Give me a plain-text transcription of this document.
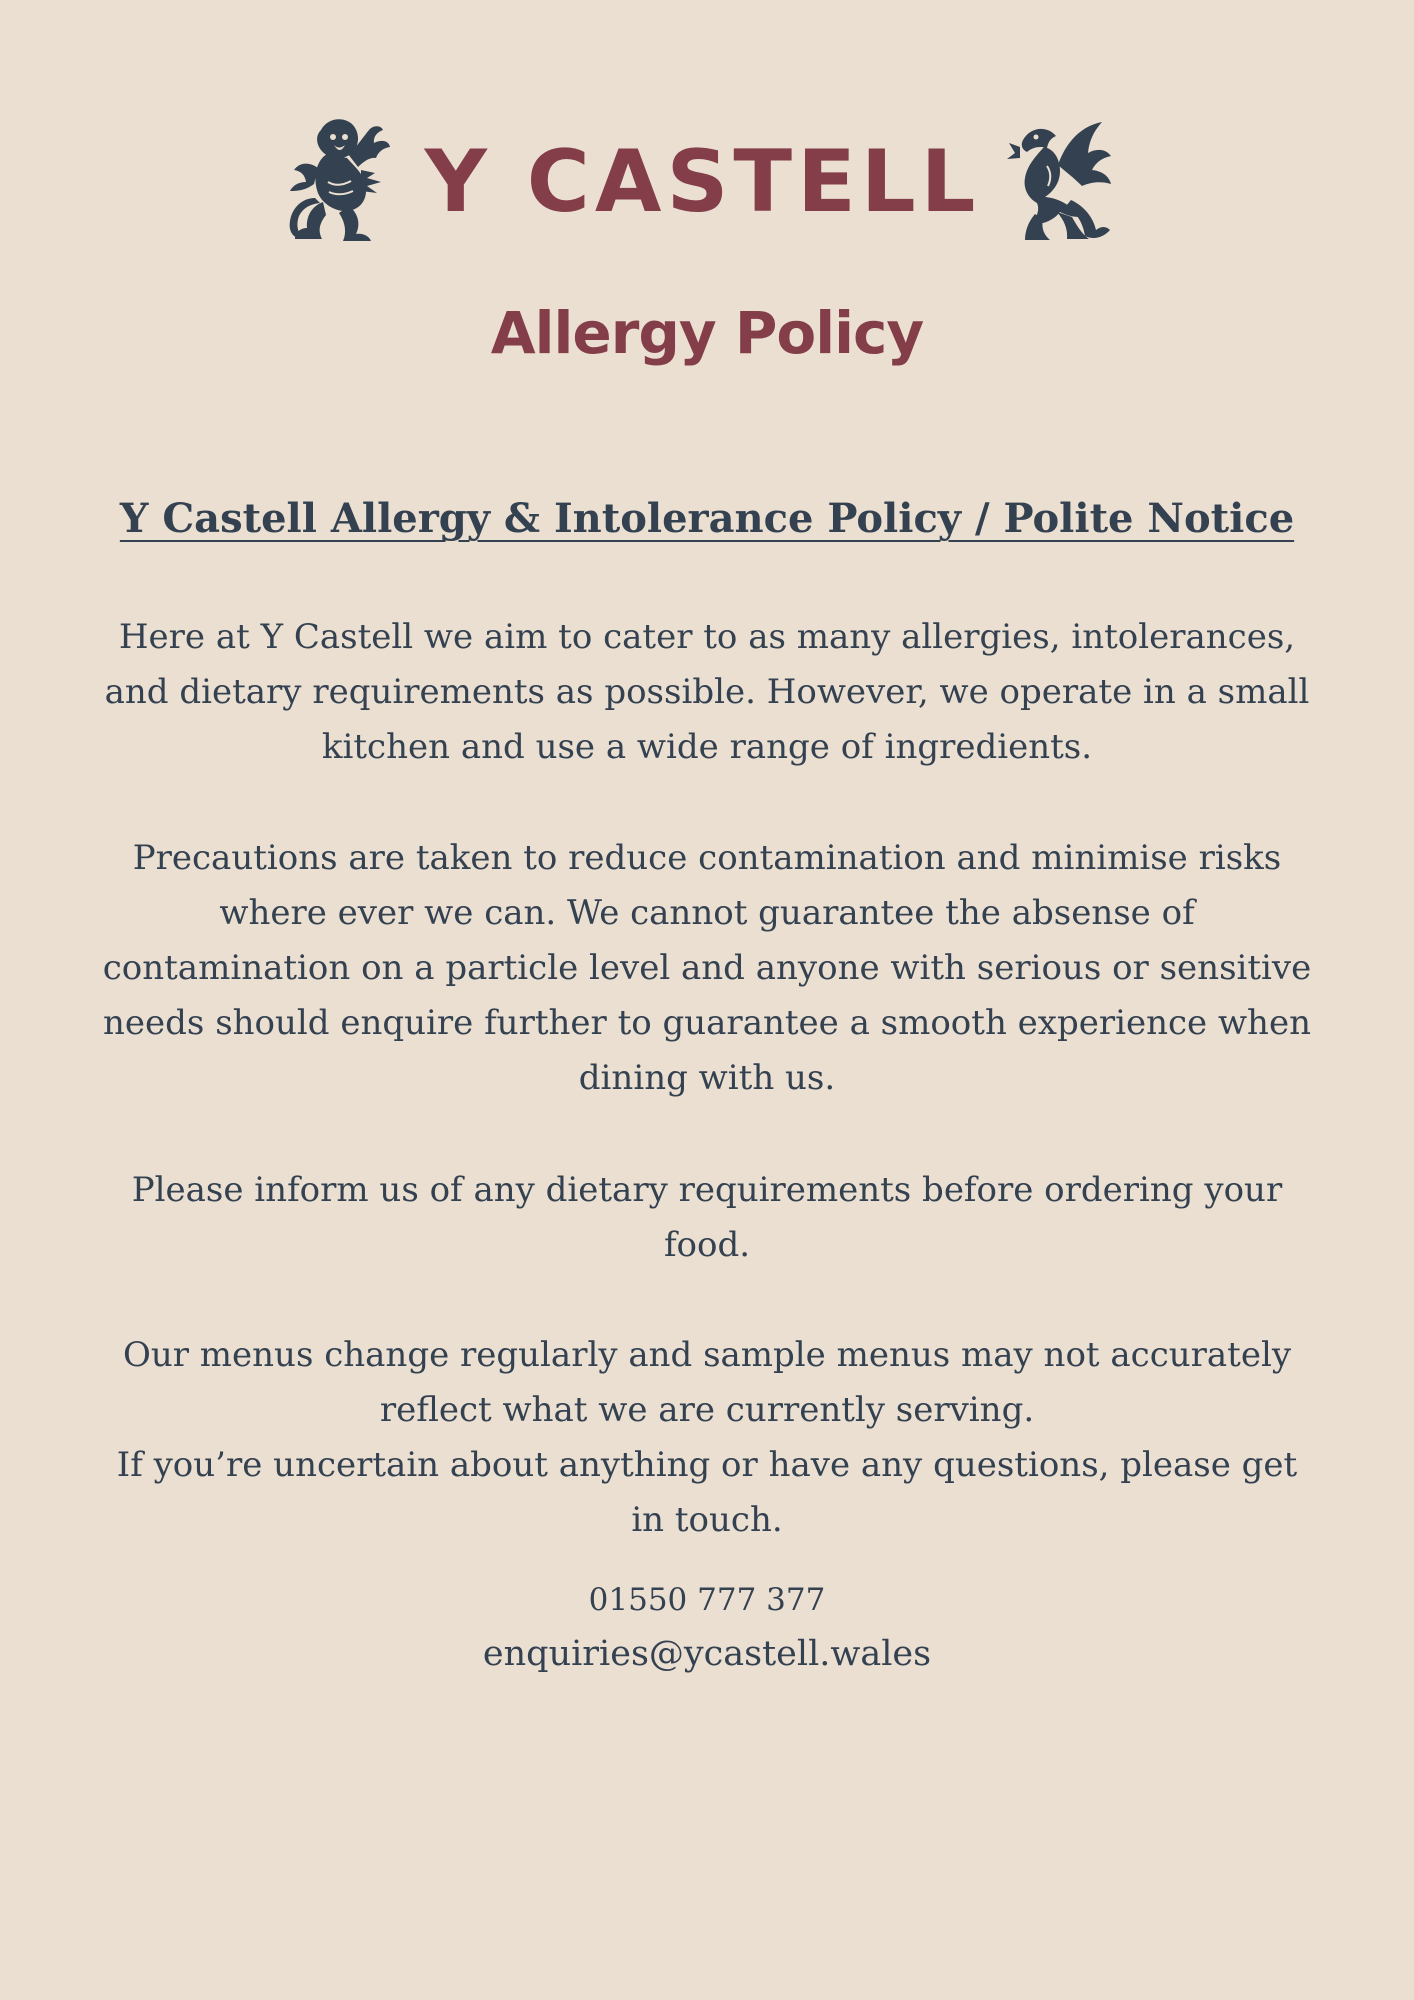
Y CASTELL
Allergy Policy
Y Castell Allergy & Intolerance Policy / Polite Notice

Here at Y Castell we aim to cater to as many allergies, intolerances, and dietary requirements as possible. However, we operate in a small kitchen and use a wide range of ingredients.

Precautions are taken to reduce contamination and minimise risks where ever we can. We cannot guarantee the absense of contamination on a particle level and anyone with serious or sensitive needs should enquire further to guarantee a smooth experience when dining with us.

Please inform us of any dietary requirements before ordering your food.

Our menus change regularly and sample menus may not accurately reflect what we are currently serving.
If you’re uncertain about anything or have any questions, please get in touch.

01550 777 377
enquiries@ycastell.wales
